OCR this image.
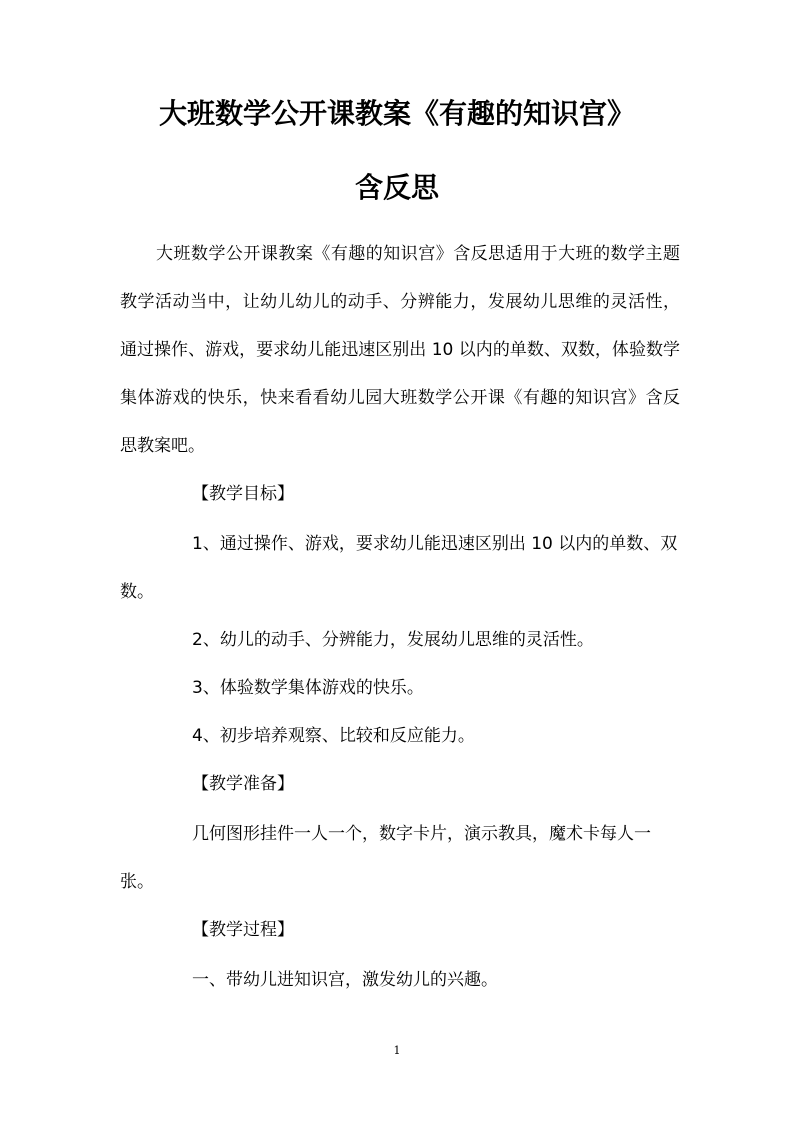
大班数学公开课教案《有趣的知识宫》
含反思
大班数学公开课教案《有趣的知识宫》含反思适用于大班的数学主题教学活动当中，让幼儿幼儿的动手、分辨能力，发展幼儿思维的灵活性，通过操作、游戏，要求幼儿能迅速区别出 10 以内的单数、双数，体验数学集体游戏的快乐，快来看看幼儿园大班数学公开课《有趣的知识宫》含反思教案吧。
【教学目标】
1、通过操作、游戏，要求幼儿能迅速区别出 10 以内的单数、双数。
2、幼儿的动手、分辨能力，发展幼儿思维的灵活性。
3、体验数学集体游戏的快乐。
4、初步培养观察、比较和反应能力。
【教学准备】
几何图形挂件一人一个，数字卡片，演示教具，魔术卡每人一张。
【教学过程】
一、带幼儿进知识宫，激发幼儿的兴趣。
1
